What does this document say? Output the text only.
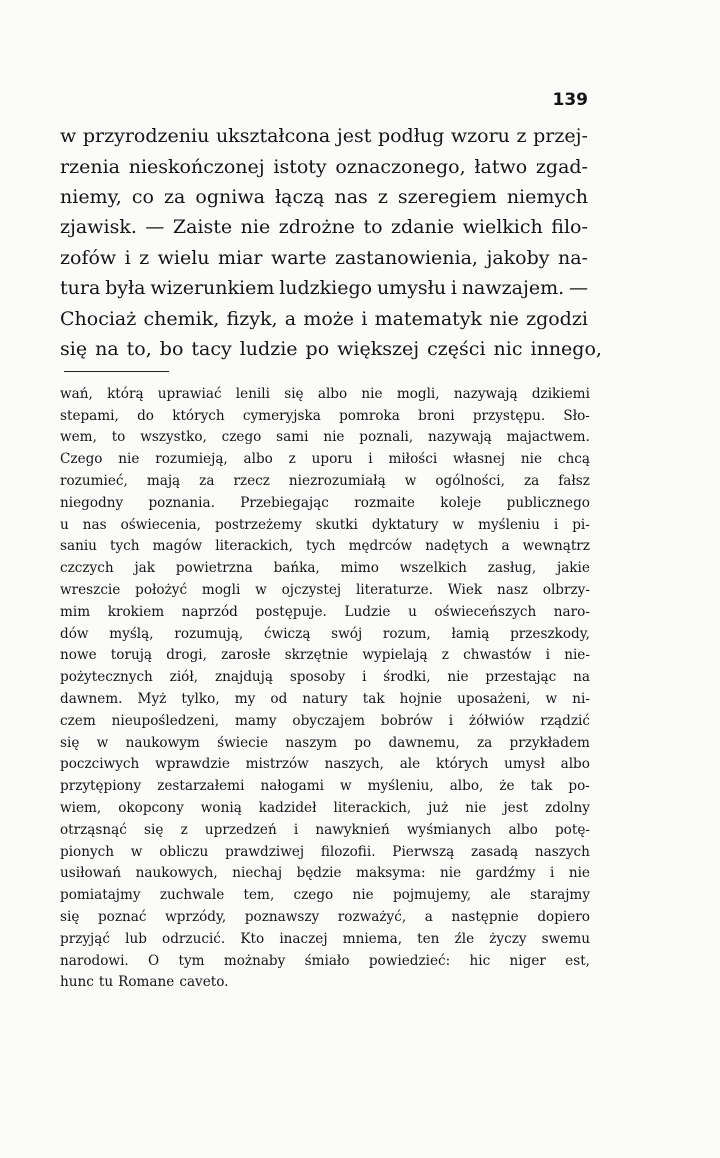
139
w przyrodzeniu ukształcona jest podług wzoru z przej-
rzenia nieskończonej istoty oznaczonego, łatwo zgad-
niemy, co za ogniwa łączą nas z szeregiem niemych
zjawisk. — Zaiste nie zdrożne to zdanie wielkich filo-
zofów i z wielu miar warte zastanowienia, jakoby na-
tura była wizerunkiem ludzkiego umysłu i nawzajem. —
Chociaż chemik, fizyk, a może i matematyk nie zgodzi
się na to, bo tacy ludzie po większej części nic innego,
wań, którą uprawiać lenili się albo nie mogli, nazywają dzikiemi
stepami, do których cymeryjska pomroka broni przystępu. Sło-
wem, to wszystko, czego sami nie poznali, nazywają majactwem.
Czego nie rozumieją, albo z uporu i miłości własnej nie chcą
rozumieć, mają za rzecz niezrozumiałą w ogólności, za fałsz
niegodny poznania. Przebiegając rozmaite koleje publicznego
u nas oświecenia, postrzeżemy skutki dyktatury w myśleniu i pi-
saniu tych magów literackich, tych mędrców nadętych a wewnątrz
czczych jak powietrzna bańka, mimo wszelkich zasług, jakie
wreszcie położyć mogli w ojczystej literaturze. Wiek nasz olbrzy-
mim krokiem naprzód postępuje. Ludzie u oświeceńszych naro-
dów myślą, rozumują, ćwiczą swój rozum, łamią przeszkody,
nowe torują drogi, zarosłe skrzętnie wypielają z chwastów i nie-
pożytecznych ziół, znajdują sposoby i środki, nie przestając na
dawnem. Myż tylko, my od natury tak hojnie uposażeni, w ni-
czem nieupośledzeni, mamy obyczajem bobrów i żółwiów rządzić
się w naukowym świecie naszym po dawnemu, za przykładem
poczciwych wprawdzie mistrzów naszych, ale których umysł albo
przytępiony zestarzałemi nałogami w myśleniu, albo, że tak po-
wiem, okopcony wonią kadzideł literackich, już nie jest zdolny
otrząsnąć się z uprzedzeń i nawyknień wyśmianych albo potę-
pionych w obliczu prawdziwej filozofii. Pierwszą zasadą naszych
usiłowań naukowych, niechaj będzie maksyma: nie gardźmy i nie
pomiatajmy zuchwale tem, czego nie pojmujemy, ale starajmy
się poznać wprzódy, poznawszy rozważyć, a następnie dopiero
przyjąć lub odrzucić. Kto inaczej mniema, ten źle życzy swemu
narodowi. O tym możnaby śmiało powiedzieć: hic niger est,
hunc tu Romane caveto.
